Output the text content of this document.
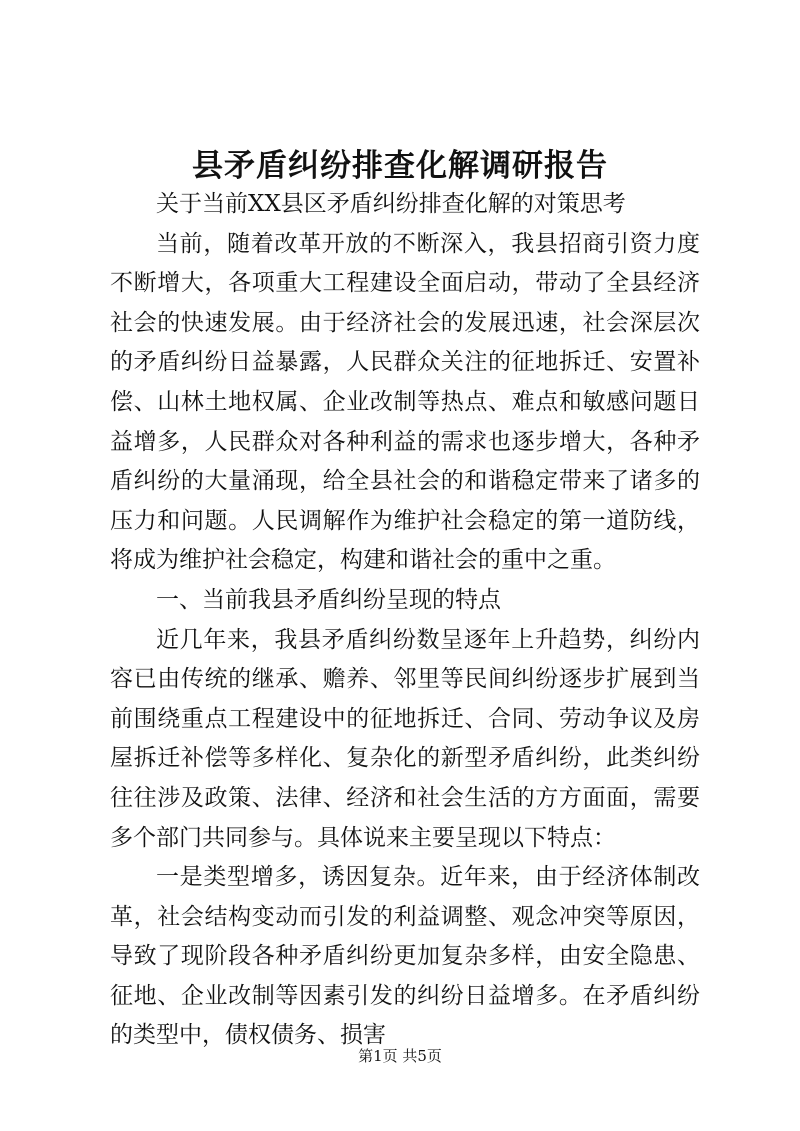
县矛盾纠纷排查化解调研报告

关于当前XX县区矛盾纠纷排查化解的对策思考

当前，随着改革开放的不断深入，我县招商引资力度不断增大，各项重大工程建设全面启动，带动了全县经济社会的快速发展。由于经济社会的发展迅速，社会深层次的矛盾纠纷日益暴露，人民群众关注的征地拆迁、安置补偿、山林土地权属、企业改制等热点、难点和敏感问题日益增多，人民群众对各种利益的需求也逐步增大，各种矛盾纠纷的大量涌现，给全县社会的和谐稳定带来了诸多的压力和问题。人民调解作为维护社会稳定的第一道防线，将成为维护社会稳定，构建和谐社会的重中之重。

一、当前我县矛盾纠纷呈现的特点

近几年来，我县矛盾纠纷数呈逐年上升趋势，纠纷内容已由传统的继承、赡养、邻里等民间纠纷逐步扩展到当前围绕重点工程建设中的征地拆迁、合同、劳动争议及房屋拆迁补偿等多样化、复杂化的新型矛盾纠纷，此类纠纷往往涉及政策、法律、经济和社会生活的方方面面，需要多个部门共同参与。具体说来主要呈现以下特点：

一是类型增多，诱因复杂。近年来，由于经济体制改革，社会结构变动而引发的利益调整、观念冲突等原因，导致了现阶段各种矛盾纠纷更加复杂多样，由安全隐患、征地、企业改制等因素引发的纠纷日益增多。在矛盾纠纷的类型中，债权债务、损害

第1页 共5页
